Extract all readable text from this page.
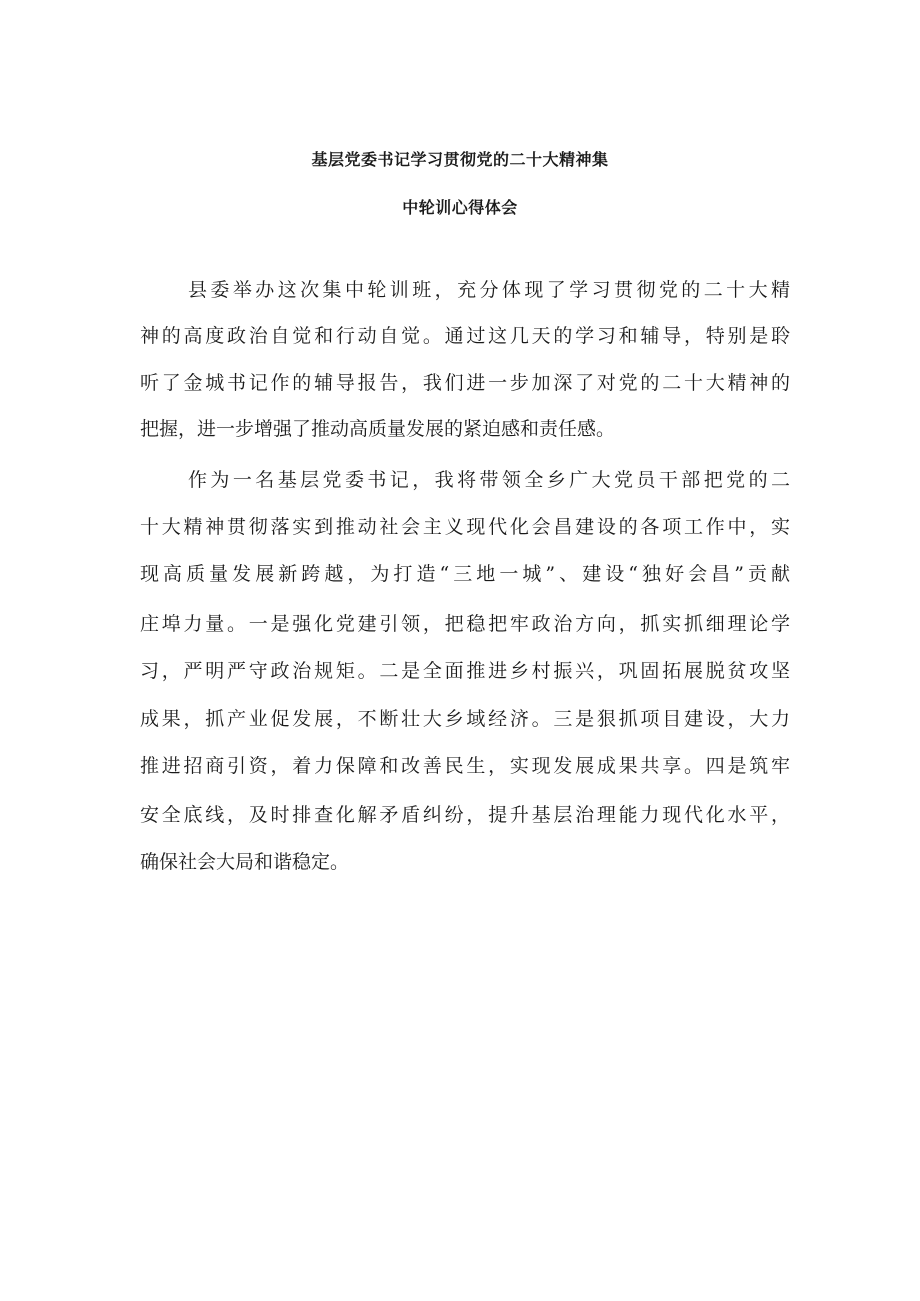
基层党委书记学习贯彻党的二十大精神集
中轮训心得体会
县委举办这次集中轮训班，充分体现了学习贯彻党的二十大精
神的高度政治自觉和行动自觉。通过这几天的学习和辅导，特别是聆
听了金城书记作的辅导报告，我们进一步加深了对党的二十大精神的
把握，进一步增强了推动高质量发展的紧迫感和责任感。
作为一名基层党委书记，我将带领全乡广大党员干部把党的二
十大精神贯彻落实到推动社会主义现代化会昌建设的各项工作中，实
现高质量发展新跨越，为打造“三地一城”、建设“独好会昌”贡献
庄埠力量。一是强化党建引领，把稳把牢政治方向，抓实抓细理论学
习，严明严守政治规矩。二是全面推进乡村振兴，巩固拓展脱贫攻坚
成果，抓产业促发展，不断壮大乡域经济。三是狠抓项目建设，大力
推进招商引资，着力保障和改善民生，实现发展成果共享。四是筑牢
安全底线，及时排查化解矛盾纠纷，提升基层治理能力现代化水平，
确保社会大局和谐稳定。
